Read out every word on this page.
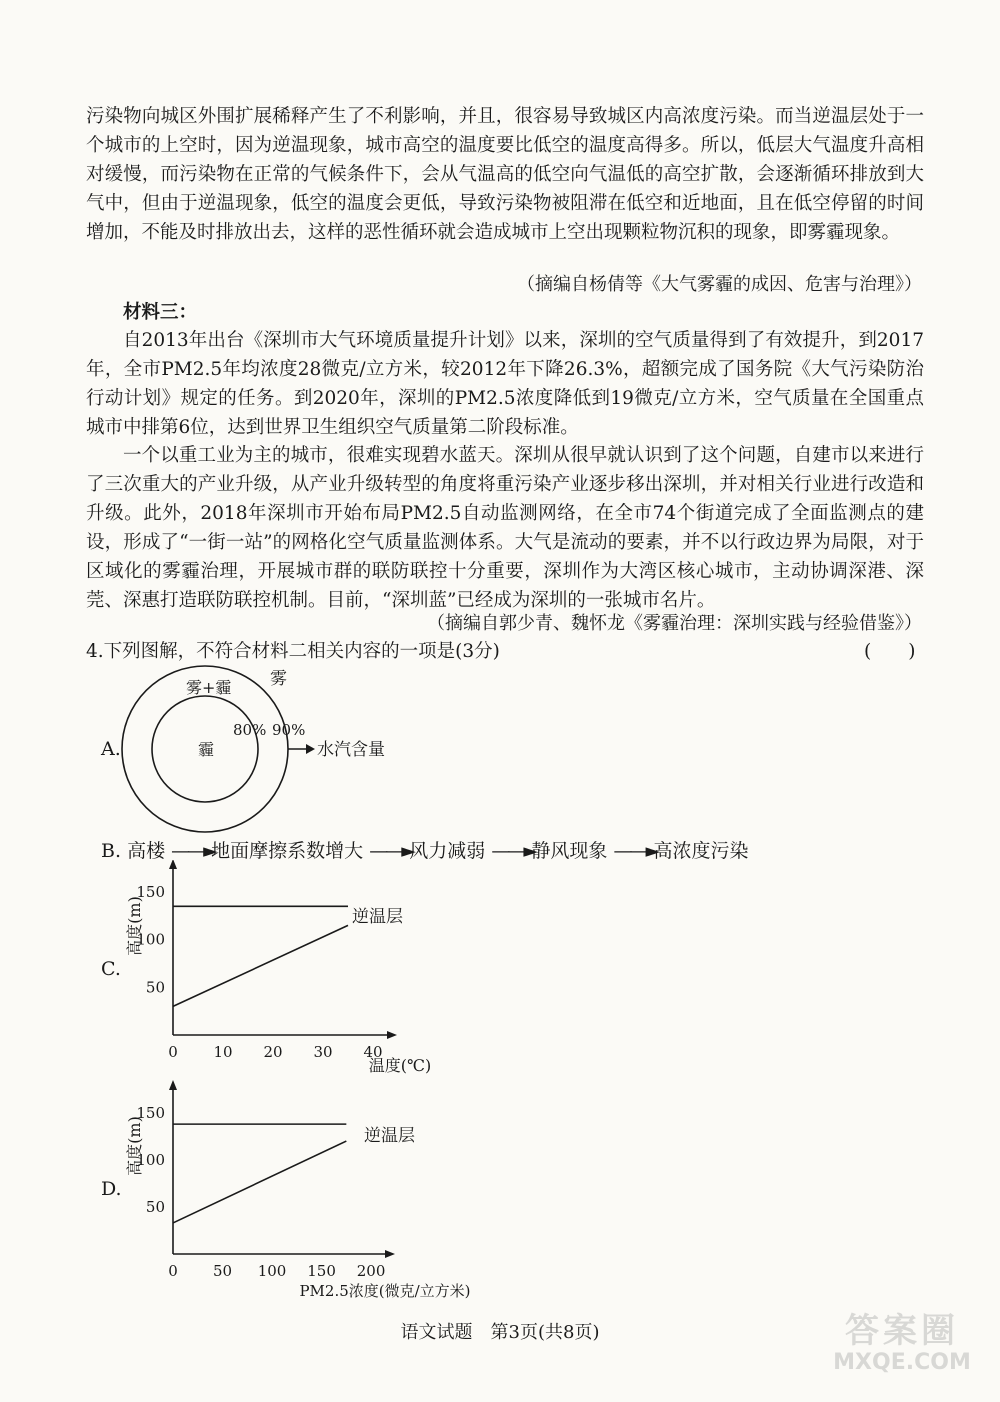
污染物向城区外围扩展稀释产生了不利影响，并且，很容易导致城区内高浓度污染。而当逆温层处于一个城市的上空时，因为逆温现象，城市高空的温度要比低空的温度高得多。所以，低层大气温度升高相对缓慢，而污染物在正常的气候条件下，会从气温高的低空向气温低的高空扩散，会逐渐循环排放到大气中，但由于逆温现象，低空的温度会更低，导致污染物被阻滞在低空和近地面，且在低空停留的时间增加，不能及时排放出去，这样的恶性循环就会造成城市上空出现颗粒物沉积的现象，即雾霾现象。

（摘编自杨倩等《大气雾霾的成因、危害与治理》）

材料三：

自2013年出台《深圳市大气环境质量提升计划》以来，深圳的空气质量得到了有效提升，到2017年，全市PM2.5年均浓度28微克/立方米，较2012年下降26.3%，超额完成了国务院《大气污染防治行动计划》规定的任务。到2020年，深圳的PM2.5浓度降低到19微克/立方米，空气质量在全国重点城市中排第6位，达到世界卫生组织空气质量第二阶段标准。

一个以重工业为主的城市，很难实现碧水蓝天。深圳从很早就认识到了这个问题，自建市以来进行了三次重大的产业升级，从产业升级转型的角度将重污染产业逐步移出深圳，并对相关行业进行改造和升级。此外，2018年深圳市开始布局PM2.5自动监测网络，在全市74个街道完成了全面监测点的建设，形成了“一街一站”的网格化空气质量监测体系。大气是流动的要素，并不以行政边界为局限，对于区域化的雾霾治理，开展城市群的联防联控十分重要，深圳作为大湾区核心城市，主动协调深港、深莞、深惠打造联防联控机制。目前，“深圳蓝”已经成为深圳的一张城市名片。

（摘编自郭少青、魏怀龙《雾霾治理：深圳实践与经验借鉴》）

4.下列图解，不符合材料二相关内容的一项是(3分)	(　　)

A.

雾
雾+霾
霾
80% 90%
水汽含量

B. 高楼 ——► 地面摩擦系数增大 ——► 风力减弱 ——► 静风现象 ——► 高浓度污染

C.

高度(m)
温度(℃)
逆温层
0 10 20 30 40
50
100
150

D.

高度(m)
PM2.5浓度(微克/立方米)
逆温层
0 50 100 150 200
50
100
150

语文试题　第3页(共8页)	答案圈
MXQE.COM
